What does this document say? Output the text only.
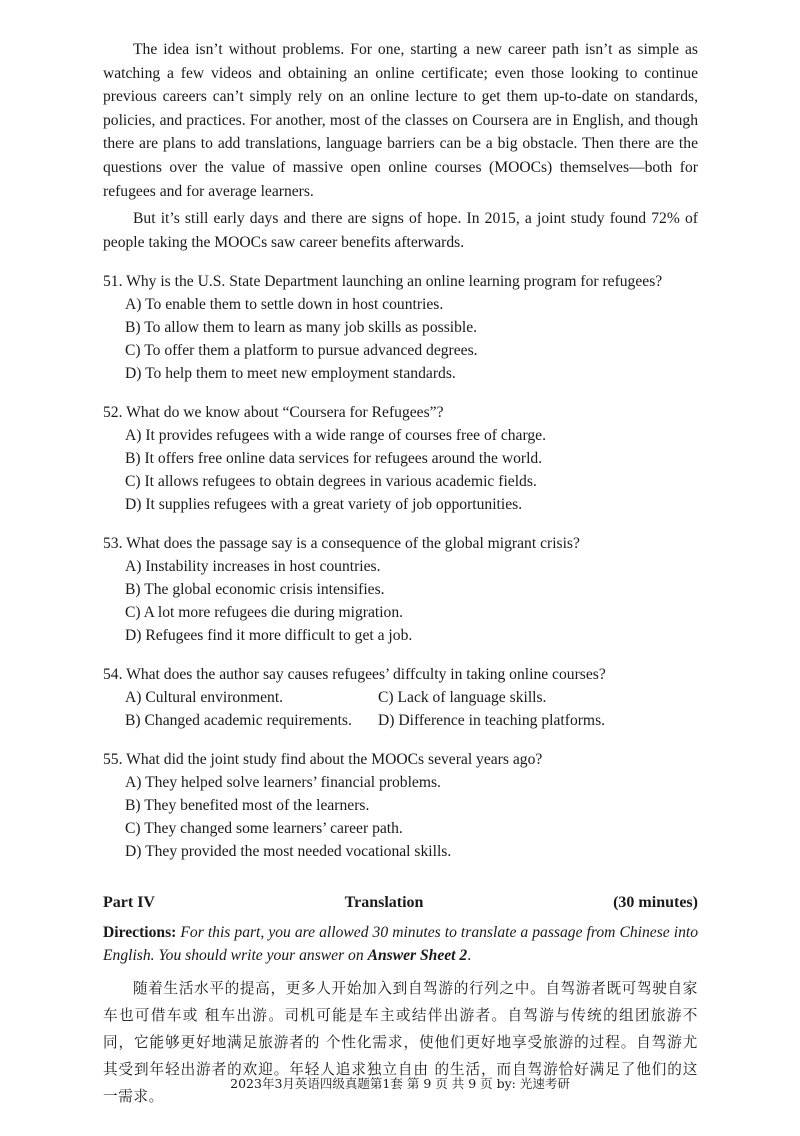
The idea isn’t without problems. For one, starting a new career path isn’t as simple as watching a few videos and obtaining an online certificate; even those looking to continue previous careers can’t simply rely on an online lecture to get them up-to-date on standards, policies, and practices. For another, most of the classes on Coursera are in English, and though there are plans to add translations, language barriers can be a big obstacle. Then there are the questions over the value of massive open online courses (MOOCs) themselves—both for refugees and for average learners.

But it’s still early days and there are signs of hope. In 2015, a joint study found 72% of people taking the MOOCs saw career benefits afterwards.

51. Why is the U.S. State Department launching an online learning program for refugees?
A) To enable them to settle down in host countries.
B) To allow them to learn as many job skills as possible.
C) To offer them a platform to pursue advanced degrees.
D) To help them to meet new employment standards.
52. What do we know about “Coursera for Refugees”?
A) It provides refugees with a wide range of courses free of charge.
B) It offers free online data services for refugees around the world.
C) It allows refugees to obtain degrees in various academic fields.
D) It supplies refugees with a great variety of job opportunities.
53. What does the passage say is a consequence of the global migrant crisis?
A) Instability increases in host countries.
B) The global economic crisis intensifies.
C) A lot more refugees die during migration.
D) Refugees find it more difficult to get a job.
54. What does the author say causes refugees’ diffculty in taking online courses?
A) Cultural environment.	C) Lack of language skills.
B) Changed academic requirements.	D) Difference in teaching platforms.
55. What did the joint study find about the MOOCs several years ago?
A) They helped solve learners’ financial problems.
B) They benefited most of the learners.
C) They changed some learners’ career path.
D) They provided the most needed vocational skills.
Part IV	Translation	(30 minutes)
Directions: For this part, you are allowed 30 minutes to translate a passage from Chinese into English. You should write your answer on Answer Sheet 2.
随着生活水平的提高，更多人开始加入到自驾游的行列之中。自驾游者既可驾驶自家车也可借车或 租车出游。司机可能是车主或结伴出游者。自驾游与传统的组团旅游不同，它能够更好地满足旅游者的 个性化需求，使他们更好地享受旅游的过程。自驾游尤其受到年轻出游者的欢迎。年轻人追求独立自由 的生活，而自驾游恰好满足了他们的这一需求。
2023年3月英语四级真题第1套 第 9 页 共 9 页 by: 光速考研
